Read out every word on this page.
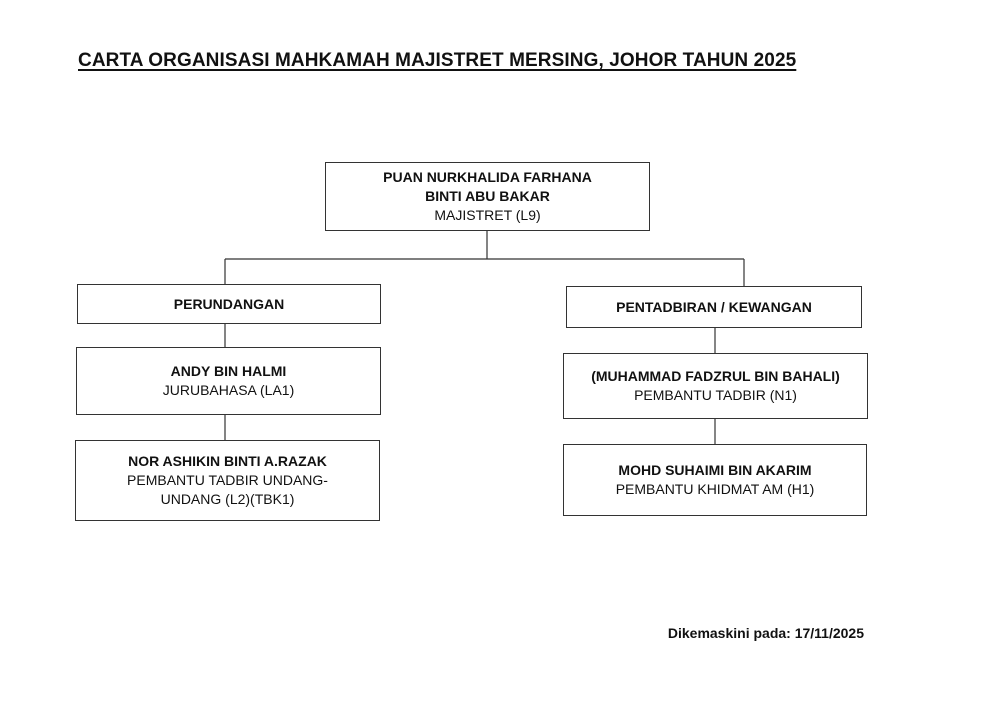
CARTA ORGANISASI MAHKAMAH MAJISTRET MERSING, JOHOR TAHUN 2025
PUAN NURKHALIDA FARHANA BINTI ABU BAKAR
MAJISTRET (L9)
PERUNDANGAN
ANDY BIN HALMI
JURUBAHASA (LA1)
NOR ASHIKIN BINTI A.RAZAK
PEMBANTU TADBIR UNDANG-UNDANG (L2)(TBK1)
PENTADBIRAN / KEWANGAN
(MUHAMMAD FADZRUL BIN BAHALI)
PEMBANTU TADBIR (N1)
MOHD SUHAIMI BIN AKARIM
PEMBANTU KHIDMAT AM (H1)
Dikemaskini pada: 17/11/2025
